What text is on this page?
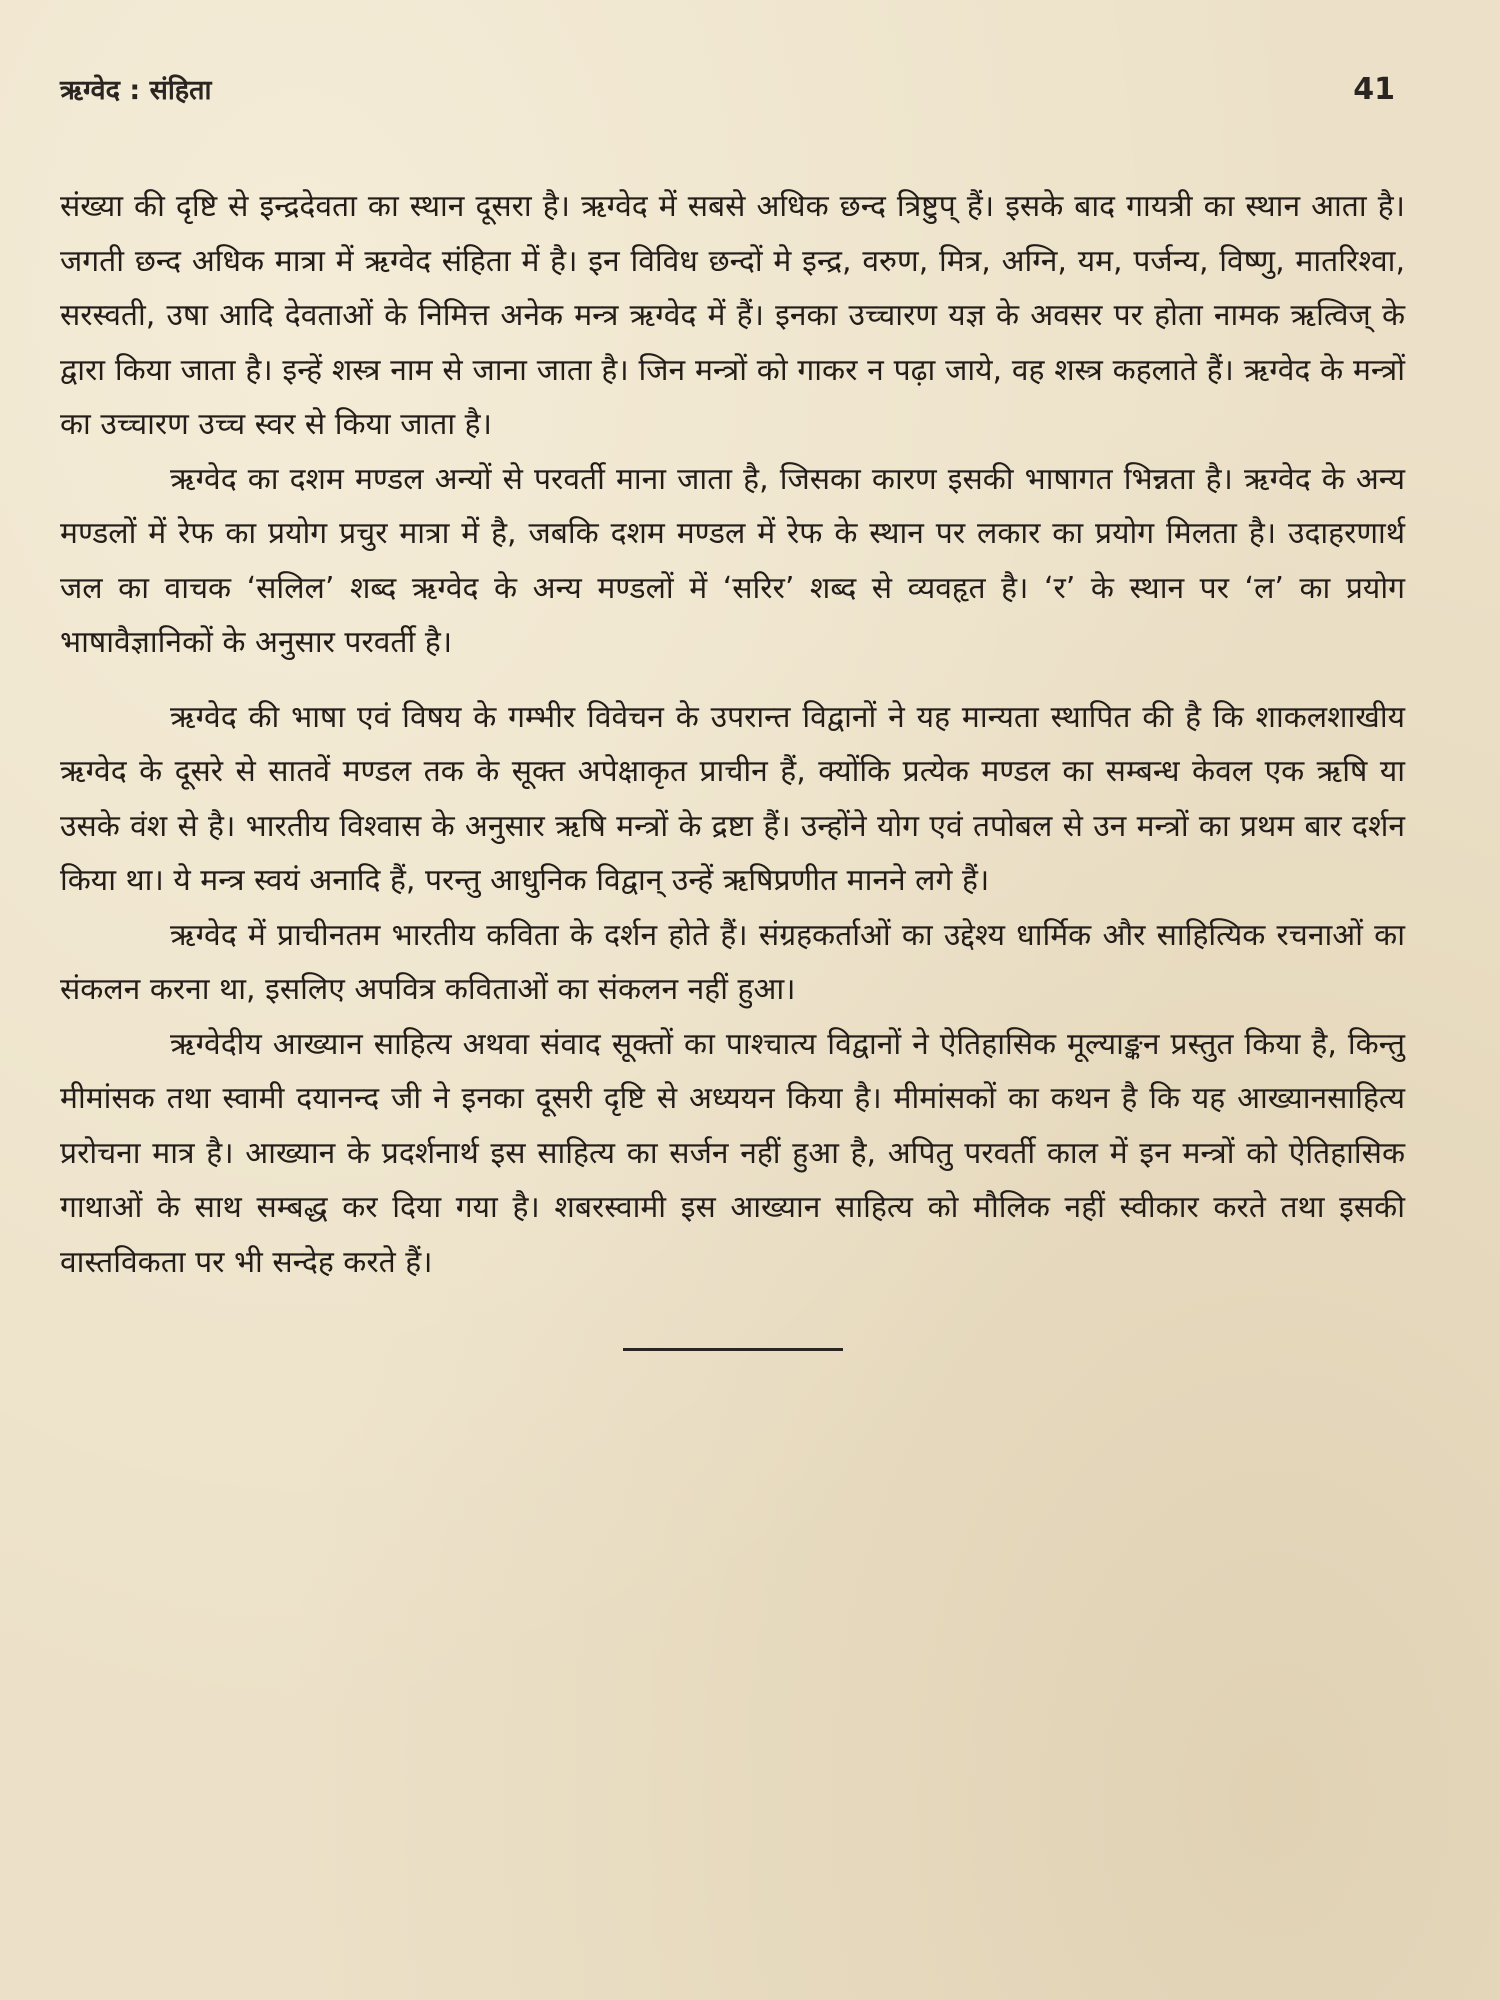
ऋग्वेद : संहिता	41

संख्या की दृष्टि से इन्द्रदेवता का स्थान दूसरा है। ऋग्वेद में सबसे अधिक छन्द त्रिष्टुप् हैं। इसके बाद गायत्री का स्थान आता है। जगती छन्द अधिक मात्रा में ऋग्वेद संहिता में है। इन विविध छन्दों मे इन्द्र, वरुण, मित्र, अग्नि, यम, पर्जन्य, विष्णु, मातरिश्वा, सरस्वती, उषा आदि देवताओं के निमित्त अनेक मन्त्र ऋग्वेद में हैं। इनका उच्चारण यज्ञ के अवसर पर होता नामक ऋत्विज् के द्वारा किया जाता है। इन्हें शस्त्र नाम से जाना जाता है। जिन मन्त्रों को गाकर न पढ़ा जाये, वह शस्त्र कहलाते हैं। ऋग्वेद के मन्त्रों का उच्चारण उच्च स्वर से किया जाता है।

ऋग्वेद का दशम मण्डल अन्यों से परवर्ती माना जाता है, जिसका कारण इसकी भाषागत भिन्नता है। ऋग्वेद के अन्य मण्डलों में रेफ का प्रयोग प्रचुर मात्रा में है, जबकि दशम मण्डल में रेफ के स्थान पर लकार का प्रयोग मिलता है। उदाहरणार्थ जल का वाचक ‘सलिल’ शब्द ऋग्वेद के अन्य मण्डलों में ‘सरिर’ शब्द से व्यवहृत है। ‘र’ के स्थान पर ‘ल’ का प्रयोग भाषावैज्ञानिकों के अनुसार परवर्ती है।

ऋग्वेद की भाषा एवं विषय के गम्भीर विवेचन के उपरान्त विद्वानों ने यह मान्यता स्थापित की है कि शाकलशाखीय ऋग्वेद के दूसरे से सातवें मण्डल तक के सूक्त अपेक्षाकृत प्राचीन हैं, क्योंकि प्रत्येक मण्डल का सम्बन्ध केवल एक ऋषि या उसके वंश से है। भारतीय विश्वास के अनुसार ऋषि मन्त्रों के द्रष्टा हैं। उन्होंने योग एवं तपोबल से उन मन्त्रों का प्रथम बार दर्शन किया था। ये मन्त्र स्वयं अनादि हैं, परन्तु आधुनिक विद्वान् उन्हें ऋषिप्रणीत मानने लगे हैं।

ऋग्वेद में प्राचीनतम भारतीय कविता के दर्शन होते हैं। संग्रहकर्ताओं का उद्देश्य धार्मिक और साहित्यिक रचनाओं का संकलन करना था, इसलिए अपवित्र कविताओं का संकलन नहीं हुआ।

ऋग्वेदीय आख्यान साहित्य अथवा संवाद सूक्तों का पाश्चात्य विद्वानों ने ऐतिहासिक मूल्याङ्कन प्रस्तुत किया है, किन्तु मीमांसक तथा स्वामी दयानन्द जी ने इनका दूसरी दृष्टि से अध्ययन किया है। मीमांसकों का कथन है कि यह आख्यानसाहित्य प्ररोचना मात्र है। आख्यान के प्रदर्शनार्थ इस साहित्य का सर्जन नहीं हुआ है, अपितु परवर्ती काल में इन मन्त्रों को ऐतिहासिक गाथाओं के साथ सम्बद्ध कर दिया गया है। शबरस्वामी इस आख्यान साहित्य को मौलिक नहीं स्वीकार करते तथा इसकी वास्तविकता पर भी सन्देह करते हैं।
